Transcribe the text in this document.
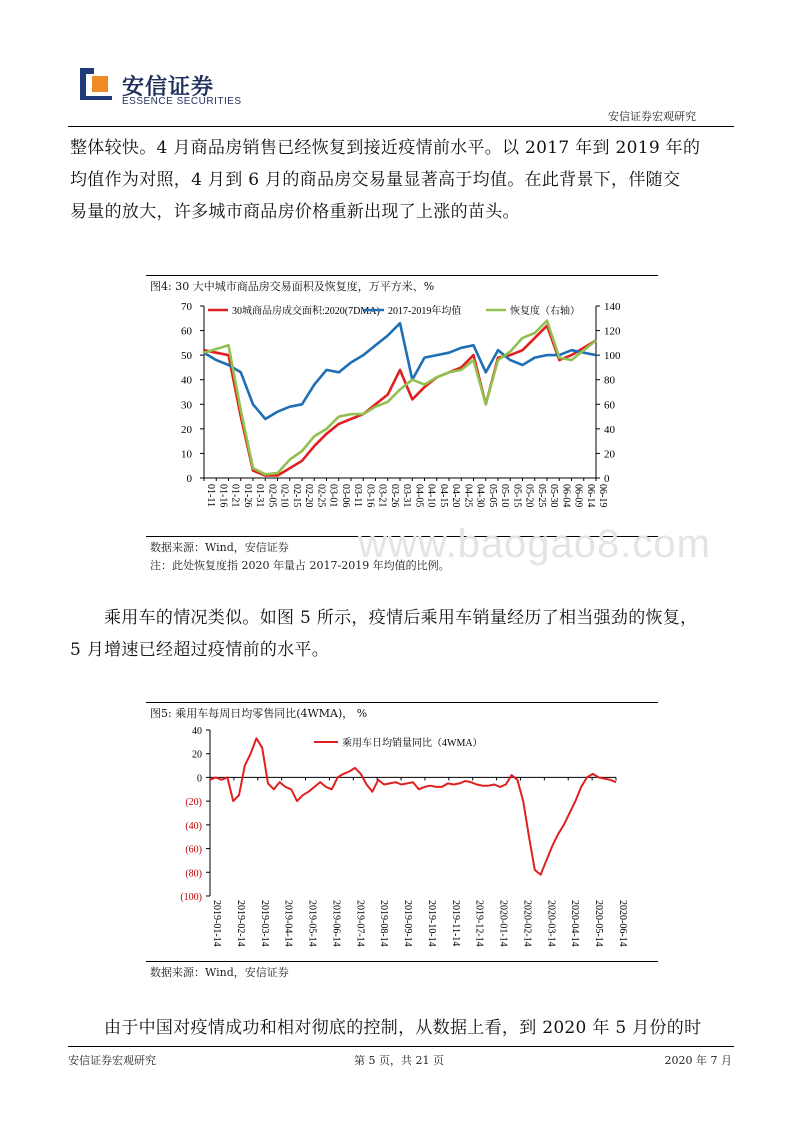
安信证券
ESSENCE SECURITIES
安信证券宏观研究
整体较快。4 月商品房销售已经恢复到接近疫情前水平。以 2017 年到 2019 年的
均值作为对照，4 月到 6 月的商品房交易量显著高于均值。在此背景下，伴随交
易量的放大，许多城市商品房价格重新出现了上涨的苗头。
图4: 30 大中城市商品房交易面积及恢复度，万平方米、%
0
10
20
30
40
50
60
70
0
20
40
60
80
100
120
140
01-11 01-16 01-21 01-26 01-31 02-05 02-10 02-15 02-20 02-25 03-01 03-06 03-11 03-16 03-21 03-26 03-31 04-05 04-10 04-15 04-20 04-25 04-30 05-05 05-10 05-15 05-20 05-25 05-30 06-04 06-09 06-14 06-19
30城商品房成交面积:2020(7DMA) 2017-2019年均值	恢复度（右轴）
数据来源：Wind，安信证券
注：此处恢复度指 2020 年量占 2017-2019 年均值的比例。
www.baogao8.com
乘用车的情况类似。如图 5 所示，疫情后乘用车销量经历了相当强劲的恢复，
5 月增速已经超过疫情前的水平。
图5: 乘用车每周日均零售同比(4WMA)， %
40
20
0
(20)
(40)
(60)
(80)
(100)
2019-01-14 2019-02-14 2019-03-14 2019-04-14 2019-05-14 2019-06-14 2019-07-14 2019-08-14 2019-09-14 2019-10-14 2019-11-14 2019-12-14 2020-01-14 2020-02-14 2020-03-14 2020-04-14 2020-05-14 2020-06-14
乘用车日均销量同比（4WMA）
数据来源：Wind，安信证券
由于中国对疫情成功和相对彻底的控制，从数据上看，到 2020 年 5 月份的时
安信证券宏观研究	第 5 页，共 21 页	2020 年 7 月
